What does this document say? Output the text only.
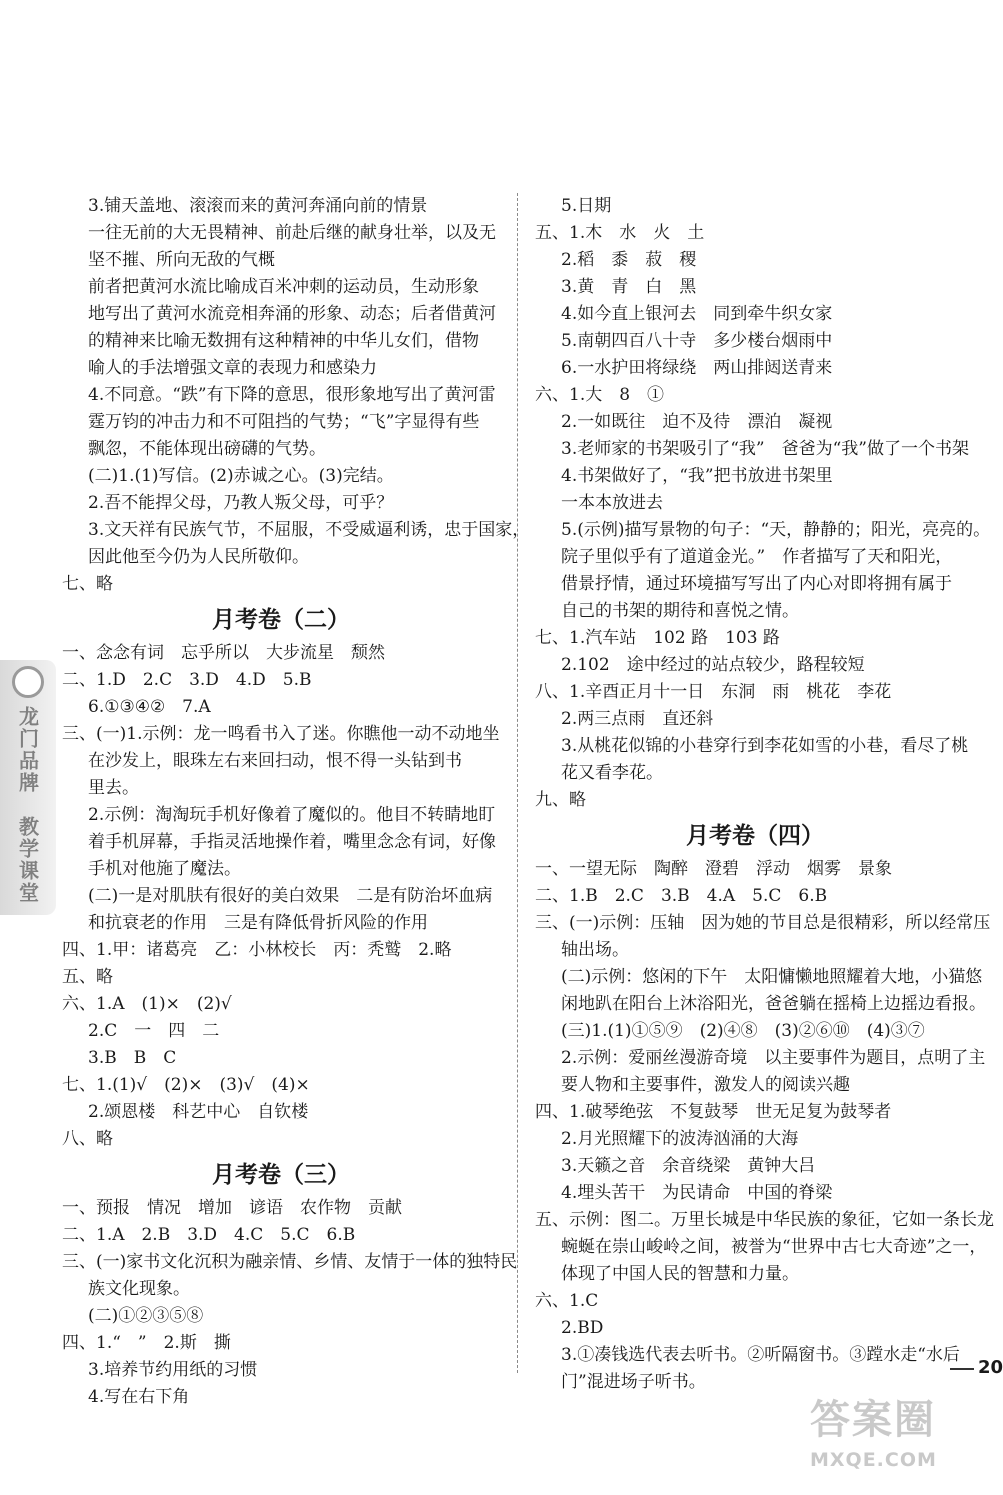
3.铺天盖地、滚滚而来的黄河奔涌向前的情景
一往无前的大无畏精神、前赴后继的献身壮举，以及无
坚不摧、所向无敌的气概
前者把黄河水流比喻成百米冲刺的运动员，生动形象
地写出了黄河水流竞相奔涌的形象、动态；后者借黄河
的精神来比喻无数拥有这种精神的中华儿女们，借物
喻人的手法增强文章的表现力和感染力
4.不同意。“跌”有下降的意思，很形象地写出了黄河雷
霆万钧的冲击力和不可阻挡的气势；“飞”字显得有些
飘忽，不能体现出磅礴的气势。
(二)1.(1)写信。(2)赤诚之心。(3)完结。
2.吾不能捍父母，乃教人叛父母，可乎？
3.文天祥有民族气节，不屈服，不受威逼利诱，忠于国家，
因此他至今仍为人民所敬仰。
七、略
月考卷（二）
一、念念有词　忘乎所以　大步流星　颓然
二、1.D　2.C　3.D　4.D　5.B
6.①③④②　7.A
三、(一)1.示例：龙一鸣看书入了迷。你瞧他一动不动地坐
在沙发上，眼珠左右来回扫动，恨不得一头钻到书
里去。
2.示例：淘淘玩手机好像着了魔似的。他目不转睛地盯
着手机屏幕，手指灵活地操作着，嘴里念念有词，好像
手机对他施了魔法。
(二)一是对肌肤有很好的美白效果　二是有防治坏血病
和抗衰老的作用　三是有降低骨折风险的作用
四、1.甲：诸葛亮　乙：小林校长　丙：秃鹫　2.略
五、略
六、1.A　(1)×　(2)√
2.C　一　四　二
3.B　B　C
七、1.(1)√　(2)×　(3)√　(4)×
2.颂恩楼　科艺中心　自钦楼
八、略
月考卷（三）
一、预报　情况　增加　谚语　农作物　贡献
二、1.A　2.B　3.D　4.C　5.C　6.B
三、(一)家书文化沉积为融亲情、乡情、友情于一体的独特民
族文化现象。
(二)①②③⑤⑧
四、1.“　”　2.斯　撕
3.培养节约用纸的习惯
4.写在右下角
5.日期
五、1.木　水　火　土
2.稻　黍　菽　稷
3.黄　青　白　黑
4.如今直上银河去　同到牵牛织女家
5.南朝四百八十寺　多少楼台烟雨中
6.一水护田将绿绕　两山排闼送青来
六、1.大　8　①
2.一如既往　迫不及待　漂泊　凝视
3.老师家的书架吸引了“我”　爸爸为“我”做了一个书架
4.书架做好了，“我”把书放进书架里
一本本放进去
5.(示例)描写景物的句子：“天，静静的；阳光，亮亮的。
院子里似乎有了道道金光。”　作者描写了天和阳光，
借景抒情，通过环境描写写出了内心对即将拥有属于
自己的书架的期待和喜悦之情。
七、1.汽车站　102 路　103 路
2.102　途中经过的站点较少，路程较短
八、1.辛酉正月十一日　东洞　雨　桃花　李花
2.两三点雨　直还斜
3.从桃花似锦的小巷穿行到李花如雪的小巷，看尽了桃
花又看李花。
九、略
月考卷（四）
一、一望无际　陶醉　澄碧　浮动　烟雾　景象
二、1.B　2.C　3.B　4.A　5.C　6.B
三、(一)示例：压轴　因为她的节目总是很精彩，所以经常压
轴出场。
(二)示例：悠闲的下午　太阳慵懒地照耀着大地，小猫悠
闲地趴在阳台上沐浴阳光，爸爸躺在摇椅上边摇边看报。
(三)1.(1)①⑤⑨　(2)④⑧　(3)②⑥⑩　(4)③⑦
2.示例：爱丽丝漫游奇境　以主要事件为题目，点明了主
要人物和主要事件，激发人的阅读兴趣
四、1.破琴绝弦　不复鼓琴　世无足复为鼓琴者
2.月光照耀下的波涛汹涌的大海
3.天籁之音　余音绕梁　黄钟大吕
4.埋头苦干　为民请命　中国的脊梁
五、示例：图二。万里长城是中华民族的象征，它如一条长龙
蜿蜒在崇山峻岭之间，被誉为“世界中古七大奇迹”之一，
体现了中国人民的智慧和力量。
六、1.C
2.BD
3.①凑钱选代表去听书。②听隔窗书。③蹚水走“水后
门”混进场子听书。
龙门品牌　教学课堂
20
答案圈
MXQE.COM
